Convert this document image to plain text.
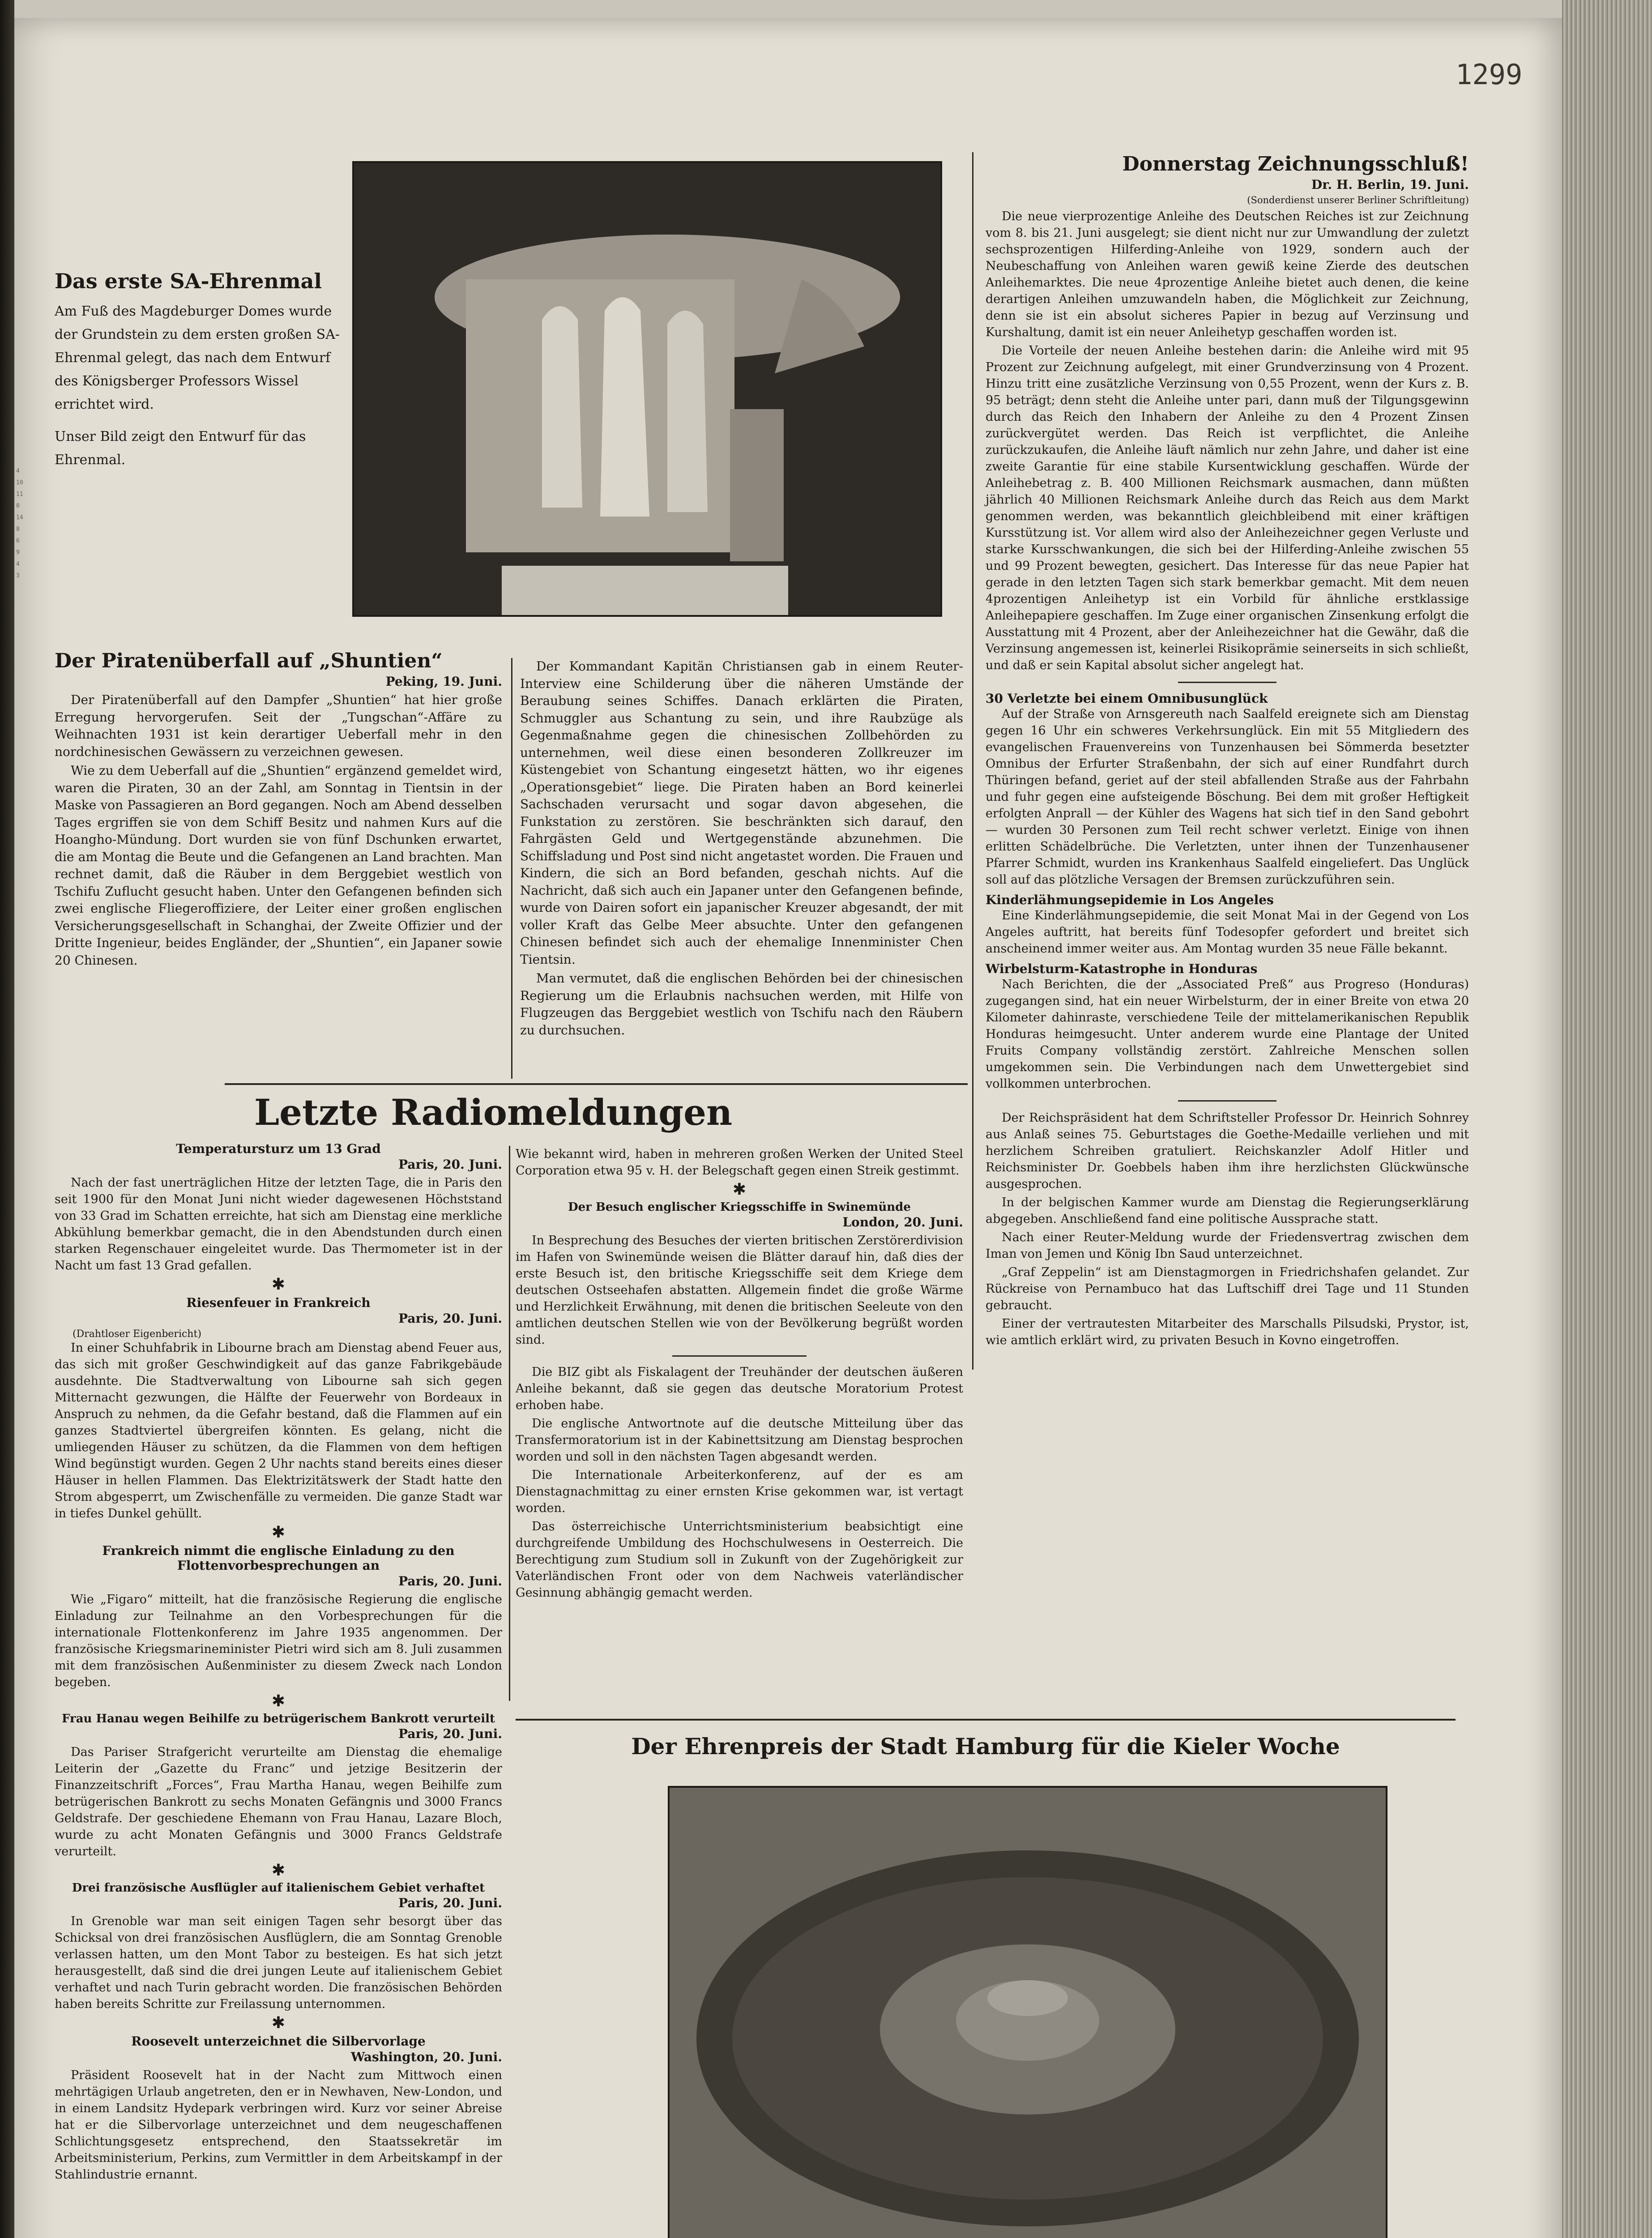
4
10
11
0
14
8
6
9
4
3
1299
Das erste SA-Ehrenmal
Am Fuß des Magdeburger Domes wurde der Grundstein zu dem ersten großen SA-Ehrenmal gelegt, das nach dem Entwurf des Königsberger Professors Wissel errichtet wird.
Unser Bild zeigt den Entwurf für das Ehrenmal.
Der Piratenüberfall auf „Shuntien“
Peking, 19. Juni.

Der Piratenüberfall auf den Dampfer „Shuntien“ hat hier große Erregung hervorgerufen. Seit der „Tungschan“-Affäre zu Weihnachten 1931 ist kein derartiger Ueberfall mehr in den nordchinesischen Gewässern zu verzeichnen gewesen.

Wie zu dem Ueberfall auf die „Shuntien“ ergänzend gemeldet wird, waren die Piraten, 30 an der Zahl, am Sonntag in Tientsin in der Maske von Passagieren an Bord gegangen. Noch am Abend desselben Tages ergriffen sie von dem Schiff Besitz und nahmen Kurs auf die Hoangho-Mündung. Dort wurden sie von fünf Dschunken erwartet, die am Montag die Beute und die Gefangenen an Land brachten. Man rechnet damit, daß die Räuber in dem Berggebiet westlich von Tschifu Zuflucht gesucht haben. Unter den Gefangenen befinden sich zwei englische Fliegeroffiziere, der Leiter einer großen englischen Versicherungsgesellschaft in Schanghai, der Zweite Offizier und der Dritte Ingenieur, beides Engländer, der „Shuntien“, ein Japaner sowie 20 Chinesen.

Der Kommandant Kapitän Christiansen gab in einem Reuter-Interview eine Schilderung über die näheren Umstände der Beraubung seines Schiffes. Danach erklärten die Piraten, Schmuggler aus Schantung zu sein, und ihre Raubzüge als Gegenmaßnahme gegen die chinesischen Zollbehörden zu unternehmen, weil diese einen besonderen Zollkreuzer im Küstengebiet von Schantung eingesetzt hätten, wo ihr eigenes „Operationsgebiet“ liege. Die Piraten haben an Bord keinerlei Sachschaden verursacht und sogar davon abgesehen, die Funkstation zu zerstören. Sie beschränkten sich darauf, den Fahrgästen Geld und Wertgegenstände abzunehmen. Die Schiffsladung und Post sind nicht angetastet worden. Die Frauen und Kindern, die sich an Bord befanden, geschah nichts. Auf die Nachricht, daß sich auch ein Japaner unter den Gefangenen befinde, wurde von Dairen sofort ein japanischer Kreuzer abgesandt, der mit voller Kraft das Gelbe Meer absuchte. Unter den gefangenen Chinesen befindet sich auch der ehemalige Innenminister Chen Tientsin.

Man vermutet, daß die englischen Behörden bei der chinesischen Regierung um die Erlaubnis nachsuchen werden, mit Hilfe von Flugzeugen das Berggebiet westlich von Tschifu nach den Räubern zu durchsuchen.

Donnerstag Zeichnungsschluß!
Dr. H. Berlin, 19. Juni.
(Sonderdienst unserer Berliner Schriftleitung)

Die neue vierprozentige Anleihe des Deutschen Reiches ist zur Zeichnung vom 8. bis 21. Juni ausgelegt; sie dient nicht nur zur Umwandlung der zuletzt sechsprozentigen Hilferding-Anleihe von 1929, sondern auch der Neubeschaffung von Anleihen waren gewiß keine Zierde des deutschen Anleihemarktes. Die neue 4prozentige Anleihe bietet auch denen, die keine derartigen Anleihen umzuwandeln haben, die Möglichkeit zur Zeichnung, denn sie ist ein absolut sicheres Papier in bezug auf Verzinsung und Kurshaltung, damit ist ein neuer Anleihetyp geschaffen worden ist.

Die Vorteile der neuen Anleihe bestehen darin: die Anleihe wird mit 95 Prozent zur Zeichnung aufgelegt, mit einer Grundverzinsung von 4 Prozent. Hinzu tritt eine zusätzliche Verzinsung von 0,55 Prozent, wenn der Kurs z. B. 95 beträgt; denn steht die Anleihe unter pari, dann muß der Tilgungsgewinn durch das Reich den Inhabern der Anleihe zu den 4 Prozent Zinsen zurückvergütet werden. Das Reich ist verpflichtet, die Anleihe zurückzukaufen, die Anleihe läuft nämlich nur zehn Jahre, und daher ist eine zweite Garantie für eine stabile Kursentwicklung geschaffen. Würde der Anleihebetrag z. B. 400 Millionen Reichsmark ausmachen, dann müßten jährlich 40 Millionen Reichsmark Anleihe durch das Reich aus dem Markt genommen werden, was bekanntlich gleichbleibend mit einer kräftigen Kursstützung ist. Vor allem wird also der Anleihezeichner gegen Verluste und starke Kursschwankungen, die sich bei der Hilferding-Anleihe zwischen 55 und 99 Prozent bewegten, gesichert. Das Interesse für das neue Papier hat gerade in den letzten Tagen sich stark bemerkbar gemacht. Mit dem neuen 4prozentigen Anleihetyp ist ein Vorbild für ähnliche erstklassige Anleihepapiere geschaffen. Im Zuge einer organischen Zinsenkung erfolgt die Ausstattung mit 4 Prozent, aber der Anleihezeichner hat die Gewähr, daß die Verzinsung angemessen ist, keinerlei Risikoprämie seinerseits in sich schließt, und daß er sein Kapital absolut sicher angelegt hat.

30 Verletzte bei einem Omnibusunglück

Auf der Straße von Arnsgereuth nach Saalfeld ereignete sich am Dienstag gegen 16 Uhr ein schweres Verkehrsunglück. Ein mit 55 Mitgliedern des evangelischen Frauenvereins von Tunzenhausen bei Sömmerda besetzter Omnibus der Erfurter Straßenbahn, der sich auf einer Rundfahrt durch Thüringen befand, geriet auf der steil abfallenden Straße aus der Fahrbahn und fuhr gegen eine aufsteigende Böschung. Bei dem mit großer Heftigkeit erfolgten Anprall — der Kühler des Wagens hat sich tief in den Sand gebohrt — wurden 30 Personen zum Teil recht schwer verletzt. Einige von ihnen erlitten Schädelbrüche. Die Verletzten, unter ihnen der Tunzenhausener Pfarrer Schmidt, wurden ins Krankenhaus Saalfeld eingeliefert. Das Unglück soll auf das plötzliche Versagen der Bremsen zurückzuführen sein.

Kinderlähmungsepidemie in Los Angeles

Eine Kinderlähmungsepidemie, die seit Monat Mai in der Gegend von Los Angeles auftritt, hat bereits fünf Todesopfer gefordert und breitet sich anscheinend immer weiter aus. Am Montag wurden 35 neue Fälle bekannt.

Wirbelsturm-Katastrophe in Honduras

Nach Berichten, die der „Associated Preß“ aus Progreso (Honduras) zugegangen sind, hat ein neuer Wirbelsturm, der in einer Breite von etwa 20 Kilometer dahinraste, verschiedene Teile der mittelamerikanischen Republik Honduras heimgesucht. Unter anderem wurde eine Plantage der United Fruits Company vollständig zerstört. Zahlreiche Menschen sollen umgekommen sein. Die Verbindungen nach dem Unwettergebiet sind vollkommen unterbrochen.

Der Reichspräsident hat dem Schriftsteller Professor Dr. Heinrich Sohnrey aus Anlaß seines 75. Geburtstages die Goethe-Medaille verliehen und mit herzlichem Schreiben gratuliert. Reichskanzler Adolf Hitler und Reichsminister Dr. Goebbels haben ihm ihre herzlichsten Glückwünsche ausgesprochen.

In der belgischen Kammer wurde am Dienstag die Regierungserklärung abgegeben. Anschließend fand eine politische Aussprache statt.

Nach einer Reuter-Meldung wurde der Friedensvertrag zwischen dem Iman von Jemen und König Ibn Saud unterzeichnet.

„Graf Zeppelin“ ist am Dienstagmorgen in Friedrichshafen gelandet. Zur Rückreise von Pernambuco hat das Luftschiff drei Tage und 11 Stunden gebraucht.

Einer der vertrautesten Mitarbeiter des Marschalls Pilsudski, Prystor, ist, wie amtlich erklärt wird, zu privaten Besuch in Kovno eingetroffen.

Letzte Radiomeldungen
Temperatursturz um 13 Grad
Paris, 20. Juni.

Nach der fast unerträglichen Hitze der letzten Tage, die in Paris den seit 1900 für den Monat Juni nicht wieder dagewesenen Höchststand von 33 Grad im Schatten erreichte, hat sich am Dienstag eine merkliche Abkühlung bemerkbar gemacht, die in den Abendstunden durch einen starken Regenschauer eingeleitet wurde. Das Thermometer ist in der Nacht um fast 13 Grad gefallen.

✱
Riesenfeuer in Frankreich
Paris, 20. Juni.
(Drahtloser Eigenbericht)

In einer Schuhfabrik in Libourne brach am Dienstag abend Feuer aus, das sich mit großer Geschwindigkeit auf das ganze Fabrikgebäude ausdehnte. Die Stadtverwaltung von Libourne sah sich gegen Mitternacht gezwungen, die Hälfte der Feuerwehr von Bordeaux in Anspruch zu nehmen, da die Gefahr bestand, daß die Flammen auf ein ganzes Stadtviertel übergreifen könnten. Es gelang, nicht die umliegenden Häuser zu schützen, da die Flammen von dem heftigen Wind begünstigt wurden. Gegen 2 Uhr nachts stand bereits eines dieser Häuser in hellen Flammen. Das Elektrizitätswerk der Stadt hatte den Strom abgesperrt, um Zwischenfälle zu vermeiden. Die ganze Stadt war in tiefes Dunkel gehüllt.

✱
Frankreich nimmt die englische Einladung zu den Flottenvorbesprechungen an
Paris, 20. Juni.

Wie „Figaro“ mitteilt, hat die französische Regierung die englische Einladung zur Teilnahme an den Vorbesprechungen für die internationale Flottenkonferenz im Jahre 1935 angenommen. Der französische Kriegsmarineminister Pietri wird sich am 8. Juli zusammen mit dem französischen Außenminister zu diesem Zweck nach London begeben.

✱
Frau Hanau wegen Beihilfe zu betrügerischem Bankrott verurteilt
Paris, 20. Juni.

Das Pariser Strafgericht verurteilte am Dienstag die ehemalige Leiterin der „Gazette du Franc“ und jetzige Besitzerin der Finanzzeitschrift „Forces“, Frau Martha Hanau, wegen Beihilfe zum betrügerischen Bankrott zu sechs Monaten Gefängnis und 3000 Francs Geldstrafe. Der geschiedene Ehemann von Frau Hanau, Lazare Bloch, wurde zu acht Monaten Gefängnis und 3000 Francs Geldstrafe verurteilt.

✱
Drei französische Ausflügler auf italienischem Gebiet verhaftet
Paris, 20. Juni.

In Grenoble war man seit einigen Tagen sehr besorgt über das Schicksal von drei französischen Ausflüglern, die am Sonntag Grenoble verlassen hatten, um den Mont Tabor zu besteigen. Es hat sich jetzt herausgestellt, daß sind die drei jungen Leute auf italienischem Gebiet verhaftet und nach Turin gebracht worden. Die französischen Behörden haben bereits Schritte zur Freilassung unternommen.

✱
Roosevelt unterzeichnet die Silbervorlage
Washington, 20. Juni.

Präsident Roosevelt hat in der Nacht zum Mittwoch einen mehrtägigen Urlaub angetreten, den er in Newhaven, New-London, und in einem Landsitz Hydepark verbringen wird. Kurz vor seiner Abreise hat er die Silbervorlage unterzeichnet und dem neugeschaffenen Schlichtungsgesetz entsprechend, den Staatssekretär im Arbeitsministerium, Perkins, zum Vermittler in dem Arbeitskampf in der Stahlindustrie ernannt.

Wie bekannt wird, haben in mehreren großen Werken der United Steel Corporation etwa 95 v. H. der Belegschaft gegen einen Streik gestimmt.

✱
Der Besuch englischer Kriegsschiffe in Swinemünde
London, 20. Juni.

In Besprechung des Besuches der vierten britischen Zerstörerdivision im Hafen von Swinemünde weisen die Blätter darauf hin, daß dies der erste Besuch ist, den britische Kriegsschiffe seit dem Kriege dem deutschen Ostseehafen abstatten. Allgemein findet die große Wärme und Herzlichkeit Erwähnung, mit denen die britischen Seeleute von den amtlichen deutschen Stellen wie von der Bevölkerung begrüßt worden sind.

Die BIZ gibt als Fiskalagent der Treuhänder der deutschen äußeren Anleihe bekannt, daß sie gegen das deutsche Moratorium Protest erhoben habe.

Die englische Antwortnote auf die deutsche Mitteilung über das Transfermoratorium ist in der Kabinettsitzung am Dienstag besprochen worden und soll in den nächsten Tagen abgesandt werden.

Die Internationale Arbeiterkonferenz, auf der es am Dienstagnachmittag zu einer ernsten Krise gekommen war, ist vertagt worden.

Das österreichische Unterrichtsministerium beabsichtigt eine durchgreifende Umbildung des Hochschulwesens in Oesterreich. Die Berechtigung zum Studium soll in Zukunft von der Zugehörigkeit zur Vaterländischen Front oder von dem Nachweis vaterländischer Gesinnung abhängig gemacht werden.

Der Ehrenpreis der Stadt Hamburg für die Kieler Woche
